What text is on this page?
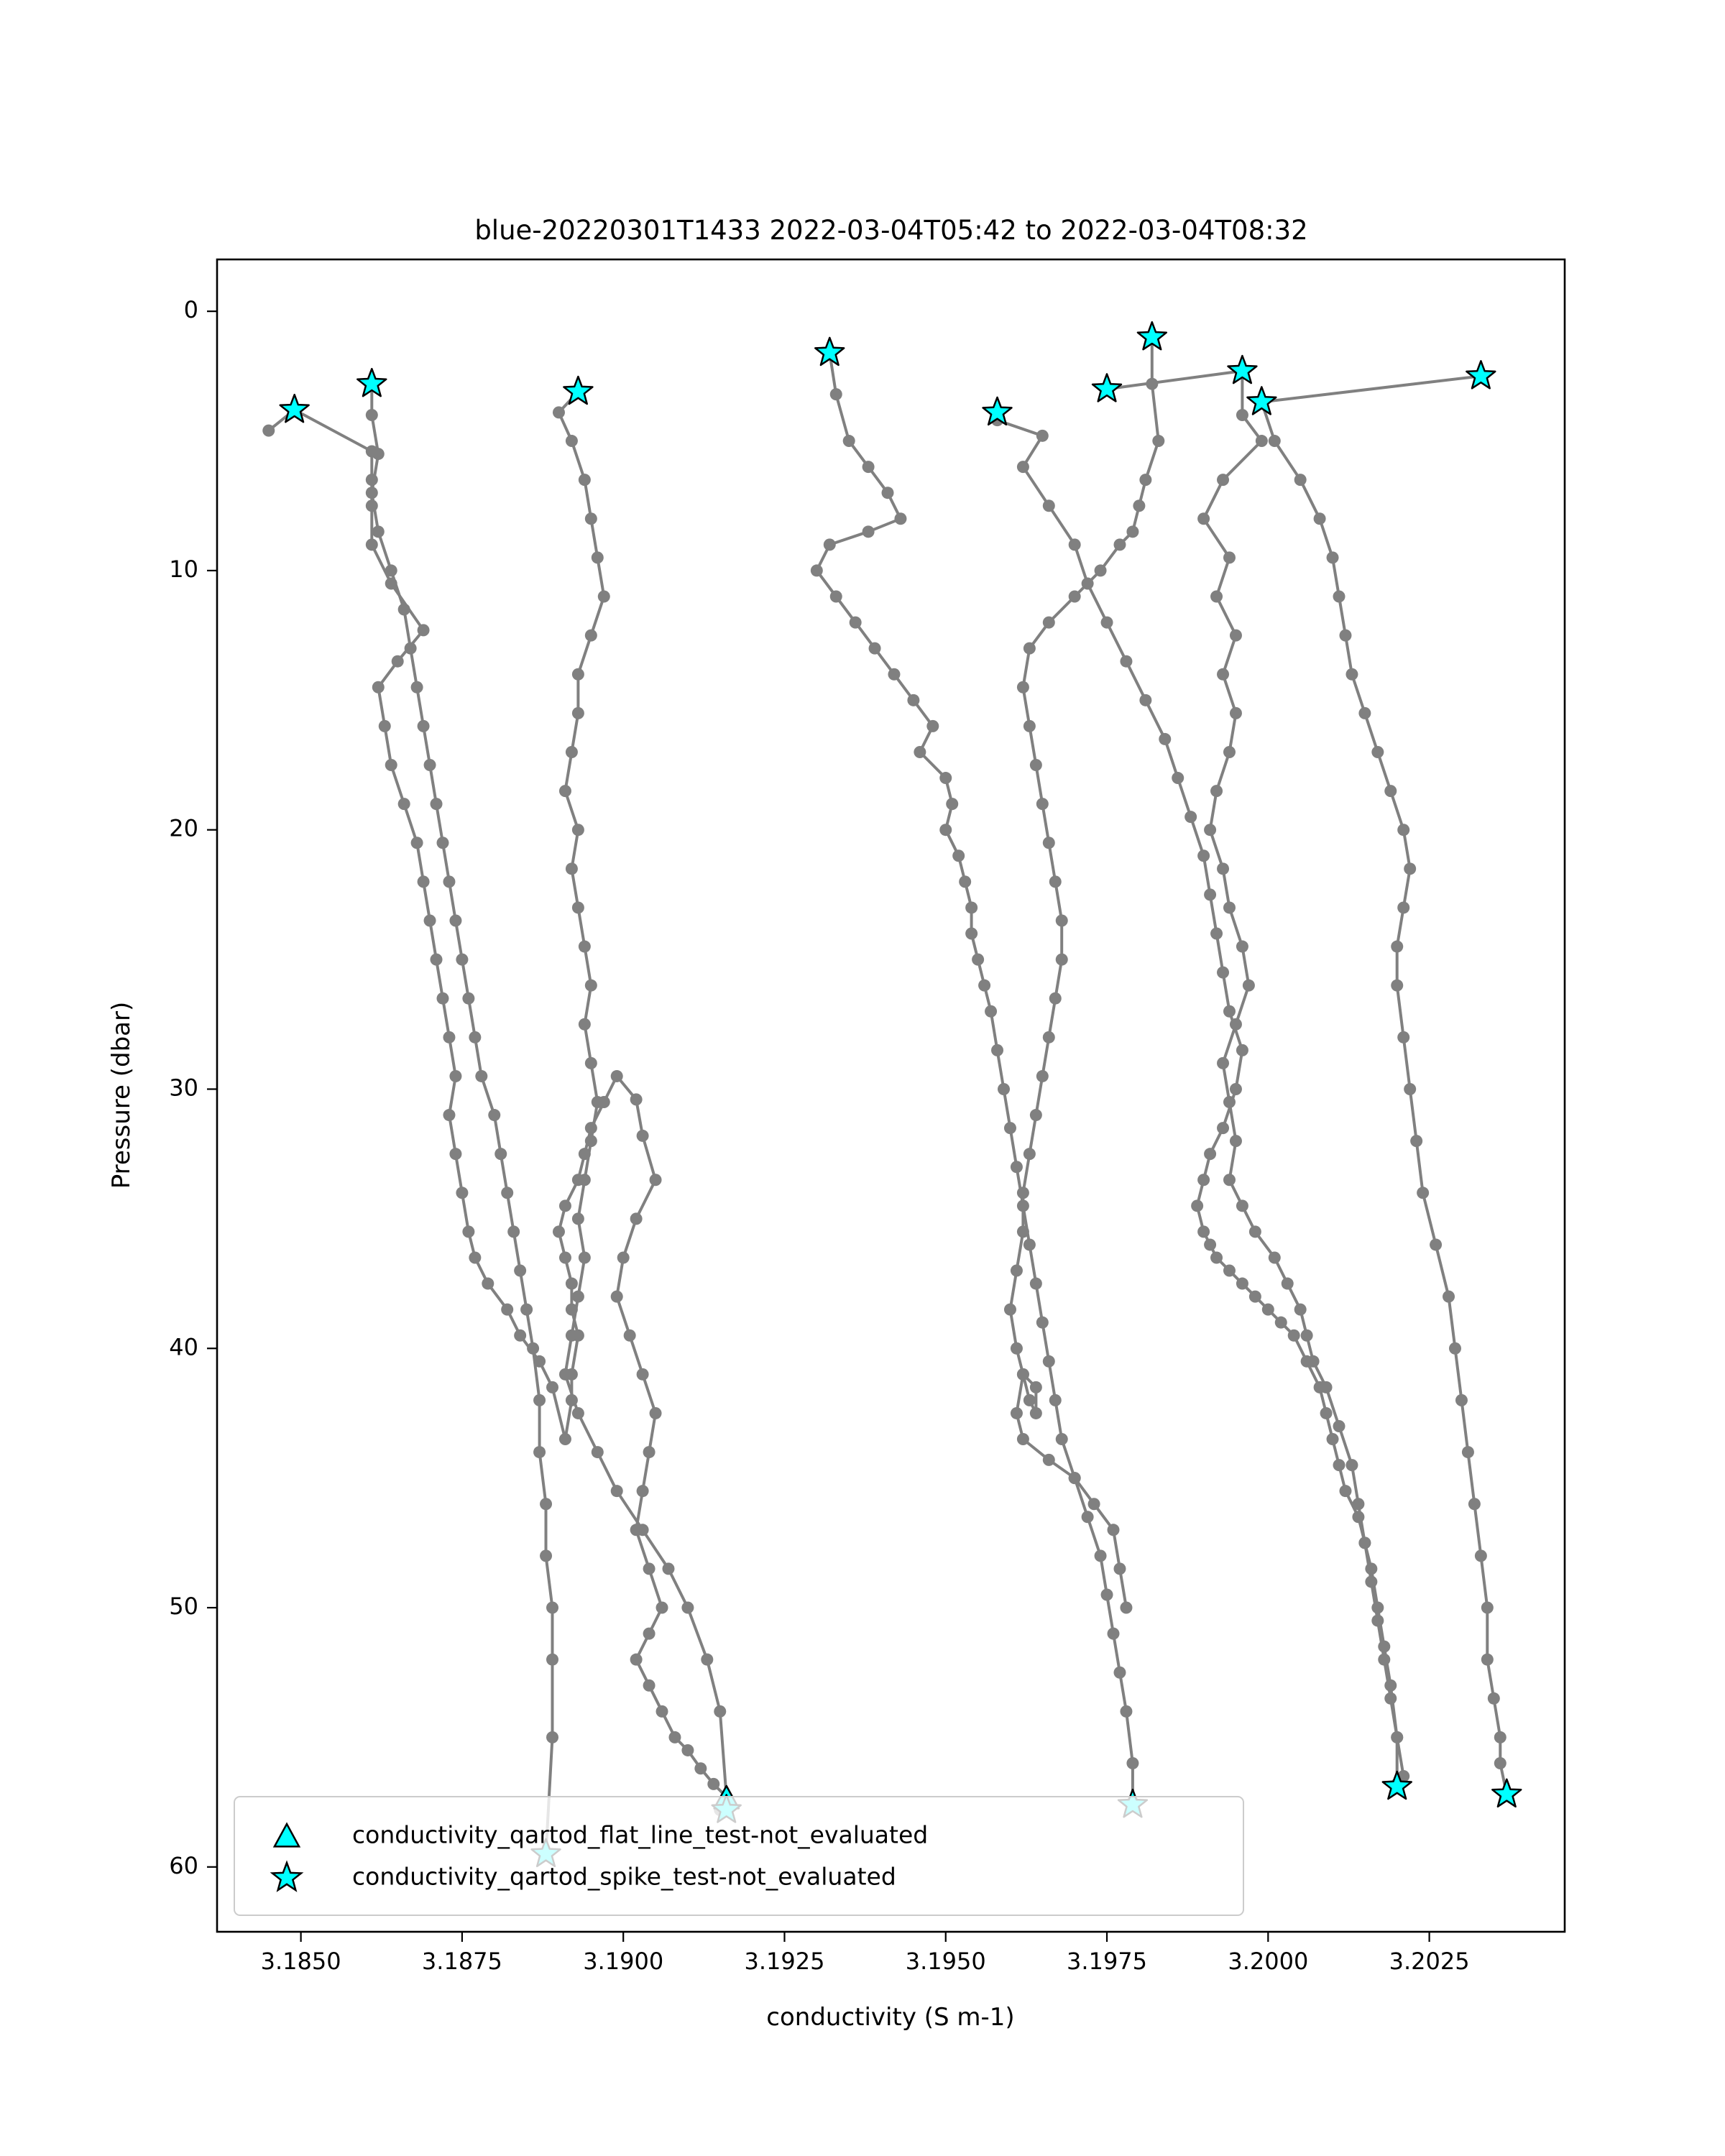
blue-20220301T1433 2022-03-04T05:42 to 2022-03-04T08:32
3.1850	3.1875	3.1900	3.1925	3.1950	3.1975	3.2000	3.2025
0
10
20
30
40
50
60
conductivity (S m-1)
Pressure (dbar)
conductivity_qartod_flat_line_test-not_evaluated
conductivity_qartod_spike_test-not_evaluated
